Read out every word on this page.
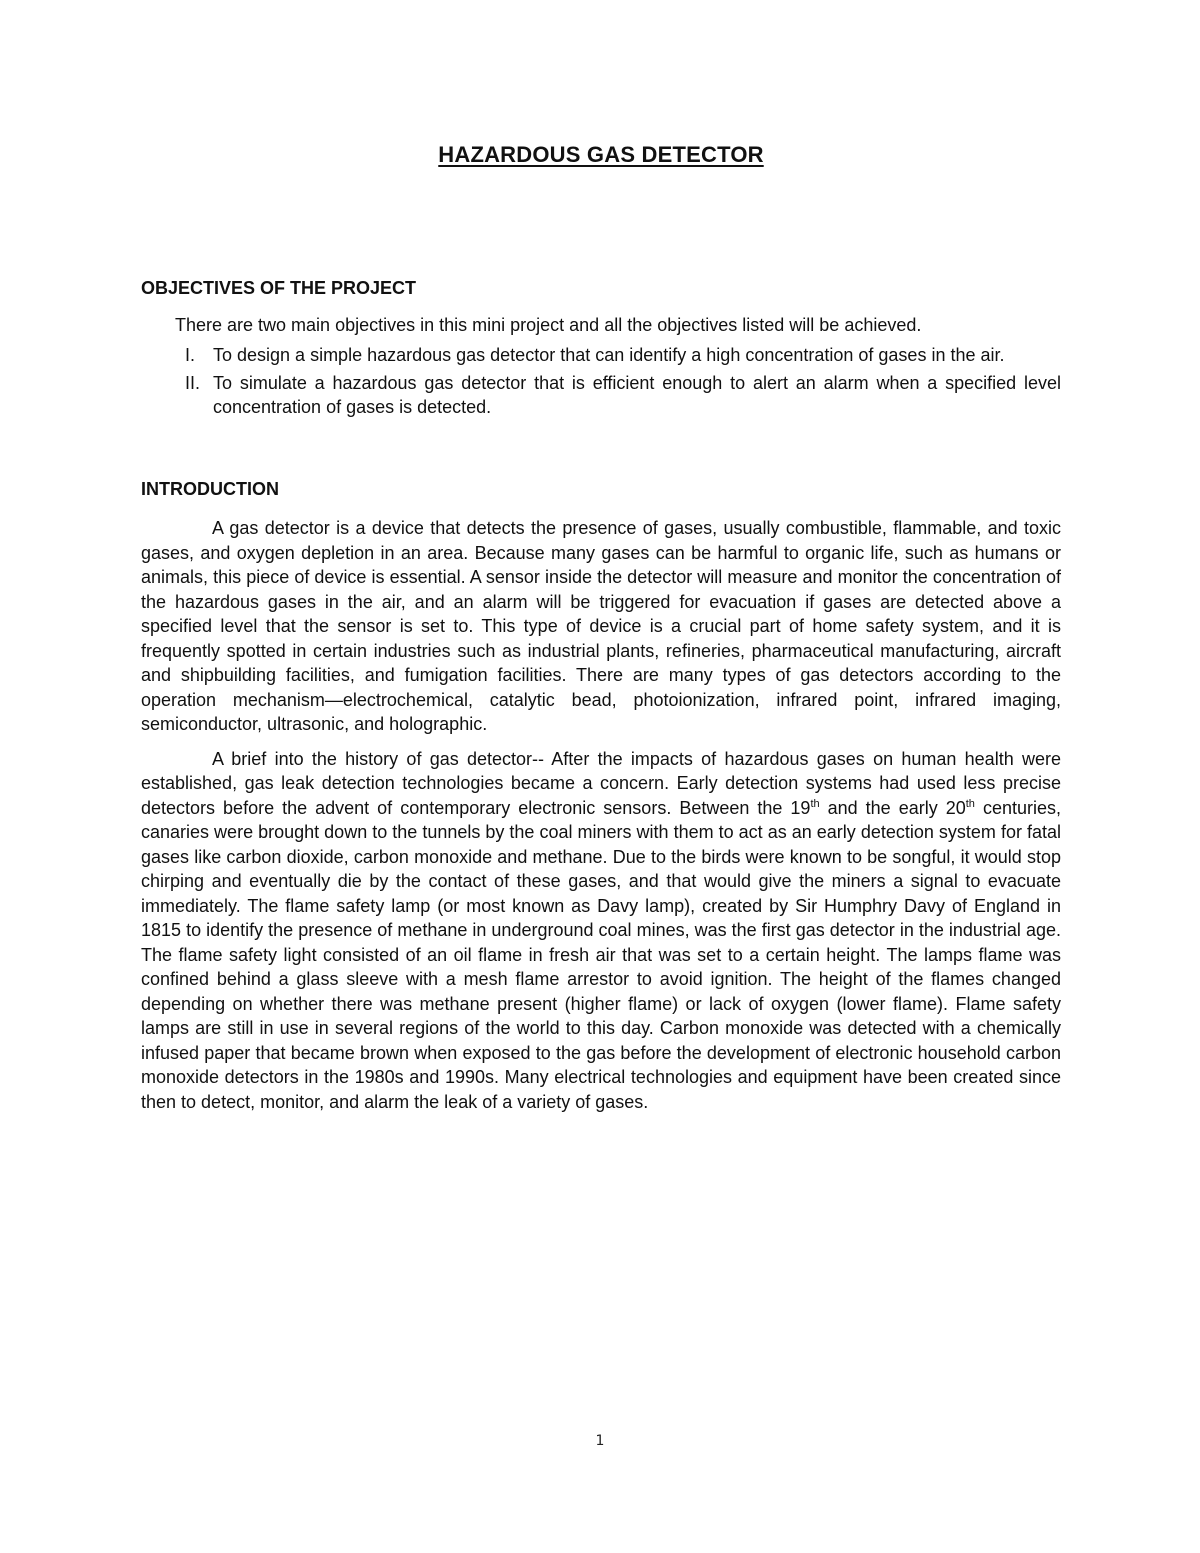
HAZARDOUS GAS DETECTOR
OBJECTIVES OF THE PROJECT

There are two main objectives in this mini project and all the objectives listed will be achieved.

I. To design a simple hazardous gas detector that can identify a high concentration of gases in the air.
II. To simulate a hazardous gas detector that is efficient enough to alert an alarm when a specified level concentration of gases is detected.
INTRODUCTION

A gas detector is a device that detects the presence of gases, usually combustible, flammable, and toxic gases, and oxygen depletion in an area. Because many gases can be harmful to organic life, such as humans or animals, this piece of device is essential. A sensor inside the detector will measure and monitor the concentration of the hazardous gases in the air, and an alarm will be triggered for evacuation if gases are detected above a specified level that the sensor is set to. This type of device is a crucial part of home safety system, and it is frequently spotted in certain industries such as industrial plants, refineries, pharmaceutical manufacturing, aircraft and shipbuilding facilities, and fumigation facilities. There are many types of gas detectors according to the operation mechanism—electrochemical, catalytic bead, photoionization, infrared point, infrared imaging, semiconductor, ultrasonic, and holographic.

A brief into the history of gas detector-- After the impacts of hazardous gases on human health were established, gas leak detection technologies became a concern. Early detection systems had used less precise detectors before the advent of contemporary electronic sensors. Between the 19th and the early 20th centuries, canaries were brought down to the tunnels by the coal miners with them to act as an early detection system for fatal gases like carbon dioxide, carbon monoxide and methane. Due to the birds were known to be songful, it would stop chirping and eventually die by the contact of these gases, and that would give the miners a signal to evacuate immediately. The flame safety lamp (or most known as Davy lamp), created by Sir Humphry Davy of England in 1815 to identify the presence of methane in underground coal mines, was the first gas detector in the industrial age. The flame safety light consisted of an oil flame in fresh air that was set to a certain height. The lamps flame was confined behind a glass sleeve with a mesh flame arrestor to avoid ignition. The height of the flames changed depending on whether there was methane present (higher flame) or lack of oxygen (lower flame). Flame safety lamps are still in use in several regions of the world to this day. Carbon monoxide was detected with a chemically infused paper that became brown when exposed to the gas before the development of electronic household carbon monoxide detectors in the 1980s and 1990s. Many electrical technologies and equipment have been created since then to detect, monitor, and alarm the leak of a variety of gases.

1
